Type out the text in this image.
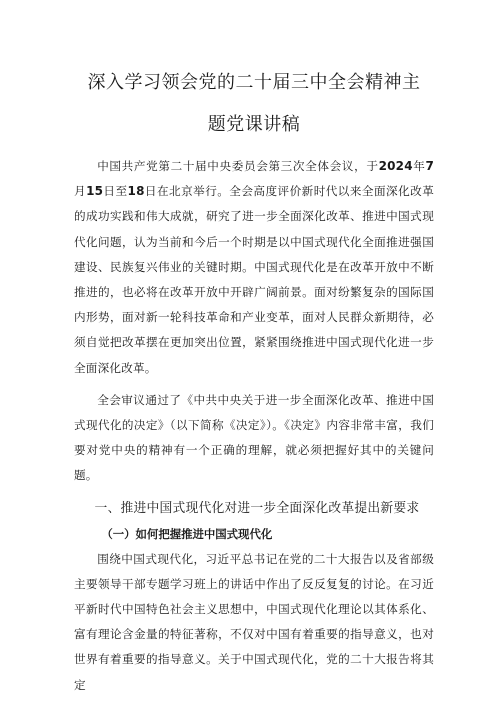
深入学习领会党的二十届三中全会精神主
题党课讲稿

中国共产党第二十届中央委员会第三次全体会议，于2024年7月15日至18日在北京举行。全会高度评价新时代以来全面深化改革的成功实践和伟大成就，研究了进一步全面深化改革、推进中国式现代化问题，认为当前和今后一个时期是以中国式现代化全面推进强国建设、民族复兴伟业的关键时期。中国式现代化是在改革开放中不断推进的，也必将在改革开放中开辟广阔前景。面对纷繁复杂的国际国内形势，面对新一轮科技革命和产业变革，面对人民群众新期待，必须自觉把改革摆在更加突出位置，紧紧围绕推进中国式现代化进一步全面深化改革。

全会审议通过了《中共中央关于进一步全面深化改革、推进中国式现代化的决定》（以下简称《决定》）。《决定》内容非常丰富，我们要对党中央的精神有一个正确的理解，就必须把握好其中的关键问题。

一、推进中国式现代化对进一步全面深化改革提出新要求
（一）如何把握推进中国式现代化

围绕中国式现代化，习近平总书记在党的二十大报告以及省部级主要领导干部专题学习班上的讲话中作出了反反复复的讨论。在习近平新时代中国特色社会主义思想中，中国式现代化理论以其体系化、富有理论含金量的特征著称，不仅对中国有着重要的指导意义，也对世界有着重要的指导意义。关于中国式现代化，党的二十大报告将其定
